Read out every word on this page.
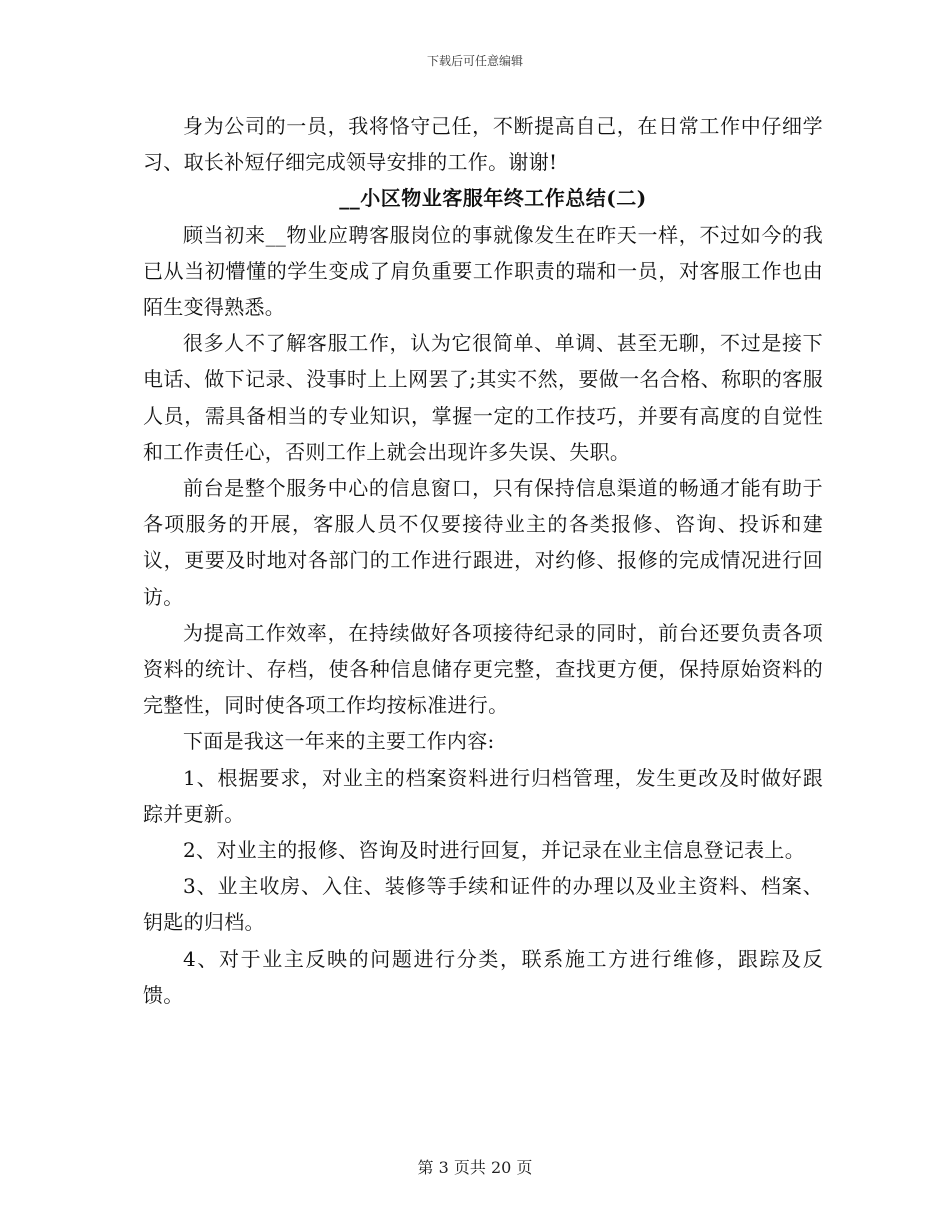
下载后可任意编辑

身为公司的一员，我将恪守己任，不断提高自己，在日常工作中仔细学习、取长补短仔细完成领导安排的工作。谢谢!

__小区物业客服年终工作总结(二)

顾当初来__物业应聘客服岗位的事就像发生在昨天一样，不过如今的我已从当初懵懂的学生变成了肩负重要工作职责的瑞和一员，对客服工作也由陌生变得熟悉。

很多人不了解客服工作，认为它很简单、单调、甚至无聊，不过是接下电话、做下记录、没事时上上网罢了;其实不然，要做一名合格、称职的客服人员，需具备相当的专业知识，掌握一定的工作技巧，并要有高度的自觉性和工作责任心，否则工作上就会出现许多失误、失职。

前台是整个服务中心的信息窗口，只有保持信息渠道的畅通才能有助于各项服务的开展，客服人员不仅要接待业主的各类报修、咨询、投诉和建议，更要及时地对各部门的工作进行跟进，对约修、报修的完成情况进行回访。

为提高工作效率，在持续做好各项接待纪录的同时，前台还要负责各项资料的统计、存档，使各种信息储存更完整，查找更方便，保持原始资料的完整性，同时使各项工作均按标准进行。

下面是我这一年来的主要工作内容:

1、根据要求，对业主的档案资料进行归档管理，发生更改及时做好跟踪并更新。

2、对业主的报修、咨询及时进行回复，并记录在业主信息登记表上。

3、业主收房、入住、装修等手续和证件的办理以及业主资料、档案、钥匙的归档。

4、对于业主反映的问题进行分类，联系施工方进行维修，跟踪及反馈。

第 3 页共 20 页
